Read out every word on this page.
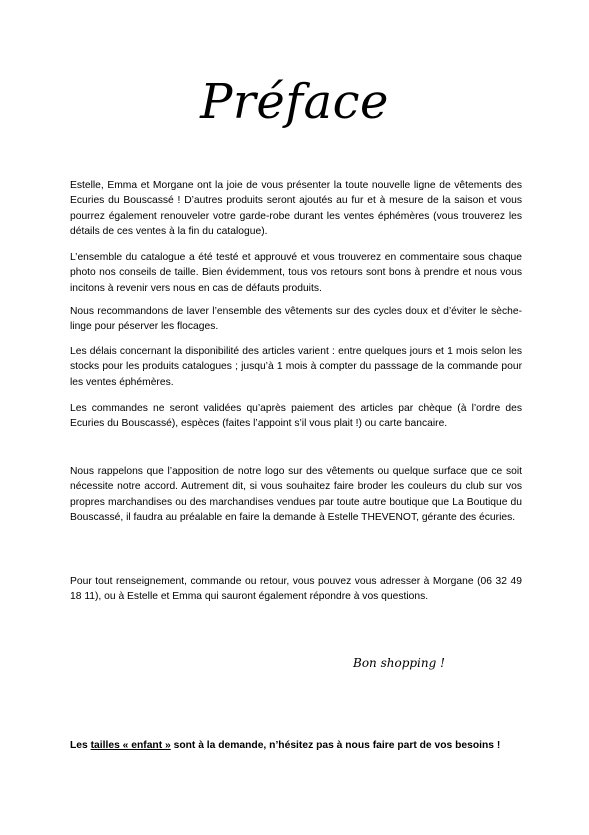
Préface

Estelle, Emma et Morgane ont la joie de vous présenter la toute nouvelle ligne de vêtements des Ecuries du Bouscassé ! D’autres produits seront ajoutés au fur et à mesure de la saison et vous pourrez également renouveler votre garde-robe durant les ventes éphémères (vous trouverez les détails de ces ventes à la fin du catalogue).

L’ensemble du catalogue a été testé et approuvé et vous trouverez en commentaire sous chaque photo nos conseils de taille. Bien évidemment, tous vos retours sont bons à prendre et nous vous incitons à revenir vers nous en cas de défauts produits.

Nous recommandons de laver l’ensemble des vêtements sur des cycles doux et d’éviter le sèche-linge pour péserver les flocages.

Les délais concernant la disponibilité des articles varient : entre quelques jours et 1 mois selon les stocks pour les produits catalogues ; jusqu’à 1 mois à compter du passsage de la commande pour les ventes éphémères.

Les commandes ne seront validées qu’après paiement des articles par chèque (à l’ordre des Ecuries du Bouscassé), espèces (faites l’appoint s’il vous plait !) ou carte bancaire.

Nous rappelons que l’apposition de notre logo sur des vêtements ou quelque surface que ce soit nécessite notre accord. Autrement dit, si vous souhaitez faire broder les couleurs du club sur vos propres marchandises ou des marchandises vendues par toute autre boutique que La Boutique du Bouscassé, il faudra au préalable en faire la demande à Estelle THEVENOT, gérante des écuries.

Pour tout renseignement, commande ou retour, vous pouvez vous adresser à Morgane (06 32 49 18 11), ou à Estelle et Emma qui sauront également répondre à vos questions.

Bon shopping !

Les tailles « enfant » sont à la demande, n’hésitez pas à nous faire part de vos besoins !
